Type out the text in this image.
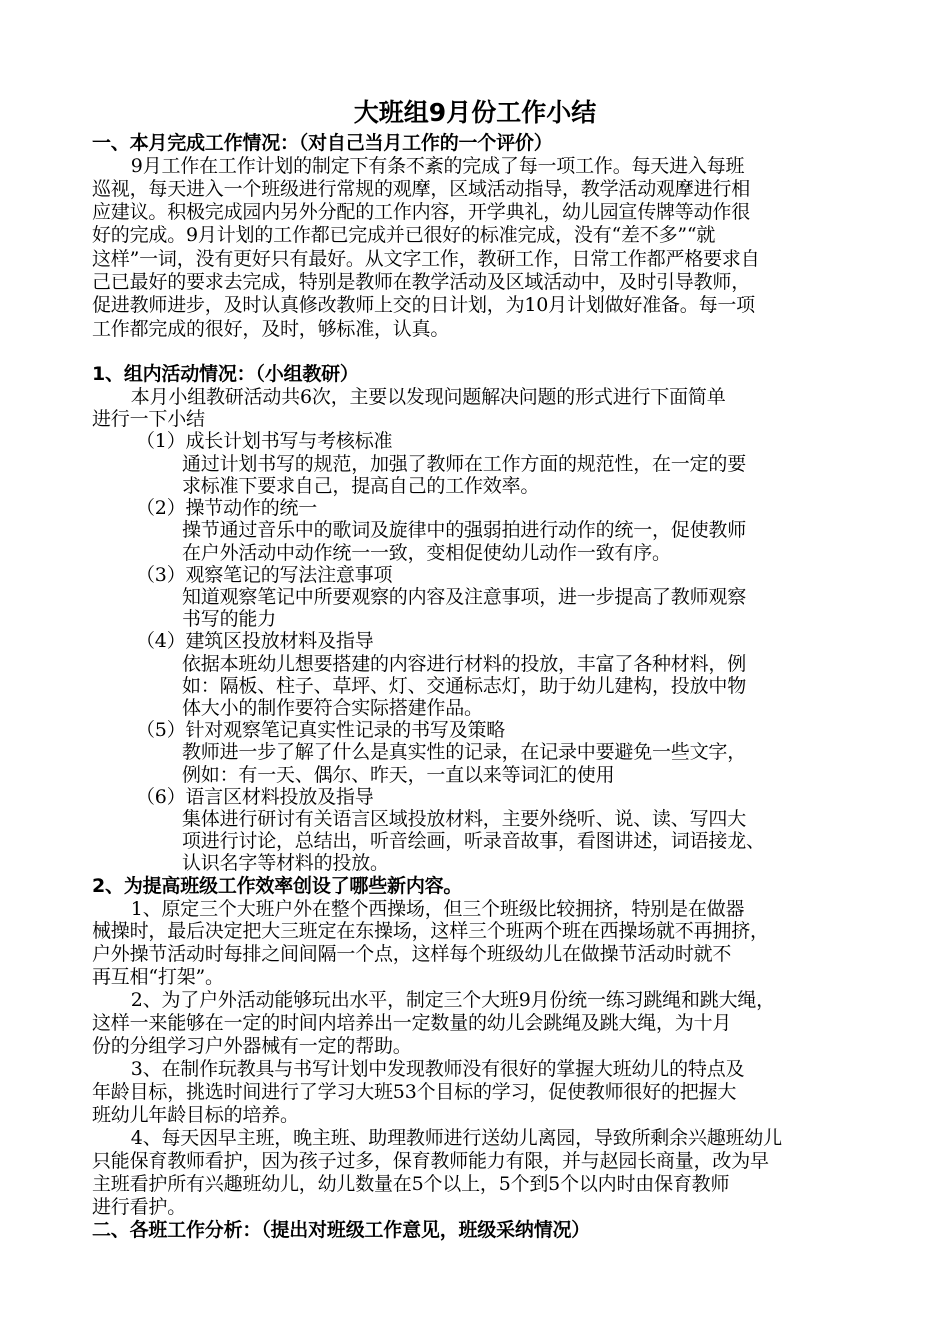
大班组9月份工作小结
一、本月完成工作情况：（对自己当月工作的一个评价）
　9月工作在工作计划的制定下有条不紊的完成了每一项工作。每天进入每班
巡视，每天进入一个班级进行常规的观摩，区域活动指导，教学活动观摩进行相
应建议。积极完成园内另外分配的工作内容，开学典礼，幼儿园宣传牌等动作很
好的完成。9月计划的工作都已完成并已很好的标准完成，没有“差不多”“就
这样”一词，没有更好只有最好。从文字工作，教研工作，日常工作都严格要求自
己已最好的要求去完成，特别是教师在教学活动及区域活动中，及时引导教师，
促进教师进步，及时认真修改教师上交的日计划，为10月计划做好准备。每一项
工作都完成的很好，及时，够标准，认真。
1、组内活动情况：（小组教研）
　本月小组教研活动共6次，主要以发现问题解决问题的形式进行下面简单
进行一下小结
（1）成长计划书写与考核标准
通过计划书写的规范，加强了教师在工作方面的规范性，在一定的要
求标准下要求自己，提高自己的工作效率。
（2）操节动作的统一
操节通过音乐中的歌词及旋律中的强弱拍进行动作的统一，促使教师
在户外活动中动作统一一致，变相促使幼儿动作一致有序。
（3）观察笔记的写法注意事项
知道观察笔记中所要观察的内容及注意事项，进一步提高了教师观察
书写的能力
（4）建筑区投放材料及指导
依据本班幼儿想要搭建的内容进行材料的投放，丰富了各种材料，例
如：隔板、柱子、草坪、灯、交通标志灯，助于幼儿建构，投放中物
体大小的制作要符合实际搭建作品。
（5）针对观察笔记真实性记录的书写及策略
教师进一步了解了什么是真实性的记录，在记录中要避免一些文字，
例如：有一天、偶尔、昨天，一直以来等词汇的使用
（6）语言区材料投放及指导
集体进行研讨有关语言区域投放材料，主要外绕听、说、读、写四大
项进行讨论，总结出，听音绘画，听录音故事，看图讲述，词语接龙、
认识名字等材料的投放。
2、为提高班级工作效率创设了哪些新内容。
　1、原定三个大班户外在整个西操场，但三个班级比较拥挤，特别是在做器
械操时，最后决定把大三班定在东操场，这样三个班两个班在西操场就不再拥挤，
户外操节活动时每排之间间隔一个点，这样每个班级幼儿在做操节活动时就不
再互相“打架”。
　2、为了户外活动能够玩出水平，制定三个大班9月份统一练习跳绳和跳大绳，
这样一来能够在一定的时间内培养出一定数量的幼儿会跳绳及跳大绳，为十月
份的分组学习户外器械有一定的帮助。
　3、在制作玩教具与书写计划中发现教师没有很好的掌握大班幼儿的特点及
年龄目标，挑选时间进行了学习大班53个目标的学习，促使教师很好的把握大
班幼儿年龄目标的培养。
　4、每天因早主班，晚主班、助理教师进行送幼儿离园，导致所剩余兴趣班幼儿
只能保育教师看护，因为孩子过多，保育教师能力有限，并与赵园长商量，改为早
主班看护所有兴趣班幼儿，幼儿数量在5个以上，5个到5个以内时由保育教师
进行看护。
二、各班工作分析：（提出对班级工作意见，班级采纳情况）
